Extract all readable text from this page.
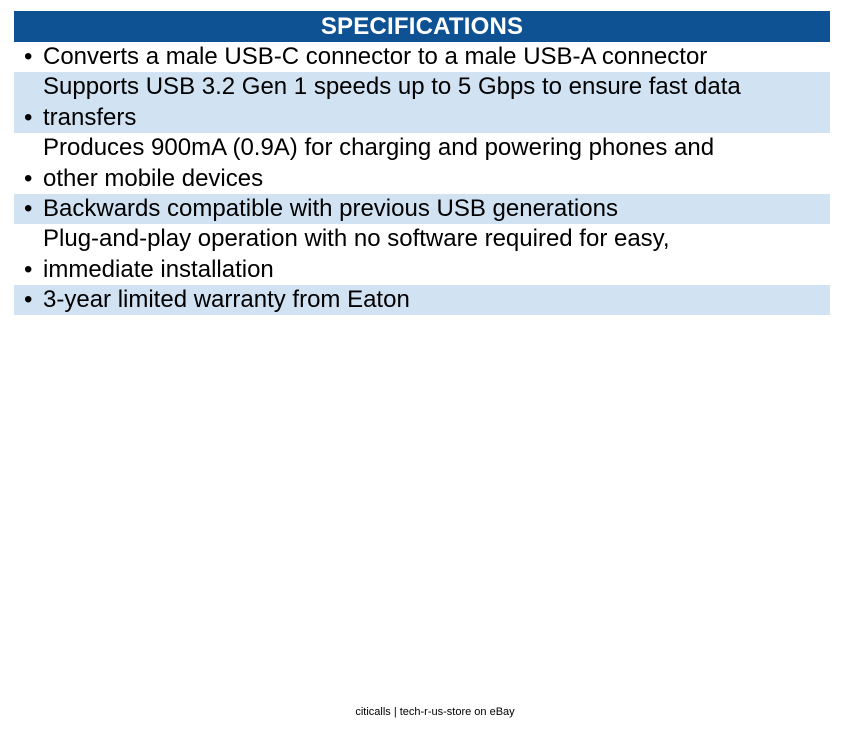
SPECIFICATIONS
• Converts a male USB-C connector to a male USB-A connector
•
Supports USB 3.2 Gen 1 speeds up to 5 Gbps to ensure fast data
transfers
•
Produces 900mA (0.9A) for charging and powering phones and
other mobile devices
• Backwards compatible with previous USB generations
•
Plug-and-play operation with no software required for easy,
immediate installation
• 3-year limited warranty from Eaton
citicalls | tech-r-us-store on eBay
